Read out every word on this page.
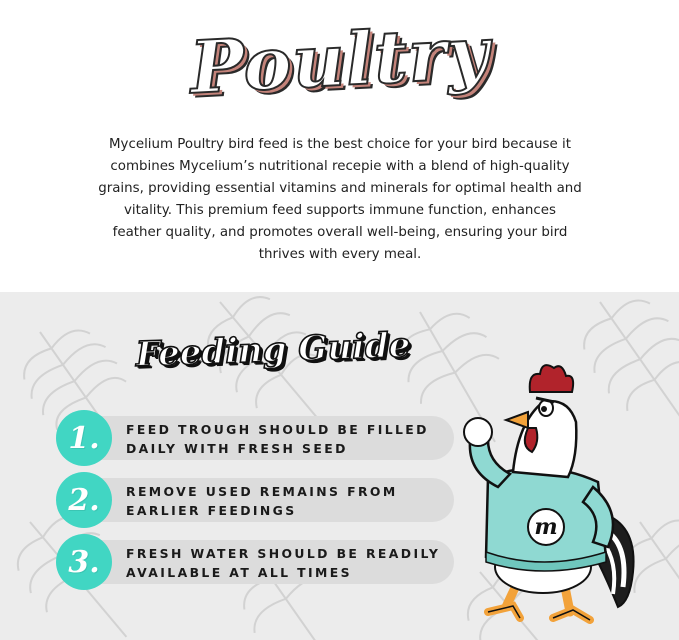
Poultry
Mycelium Poultry bird feed is the best choice for your bird because it combines Mycelium’s nutritional recepie with a blend of high-quality grains, providing essential vitamins and minerals for optimal health and vitality. This premium feed supports immune function, enhances feather quality, and promotes overall well-being, ensuring your bird thrives with every meal.
Feeding Guide
1.	FEED TROUGH SHOULD BE FILLED
DAILY WITH FRESH SEED
2.	REMOVE USED REMAINS FROM
EARLIER FEEDINGS
3.	FRESH WATER SHOULD BE READILY
AVAILABLE AT ALL TIMES
m
